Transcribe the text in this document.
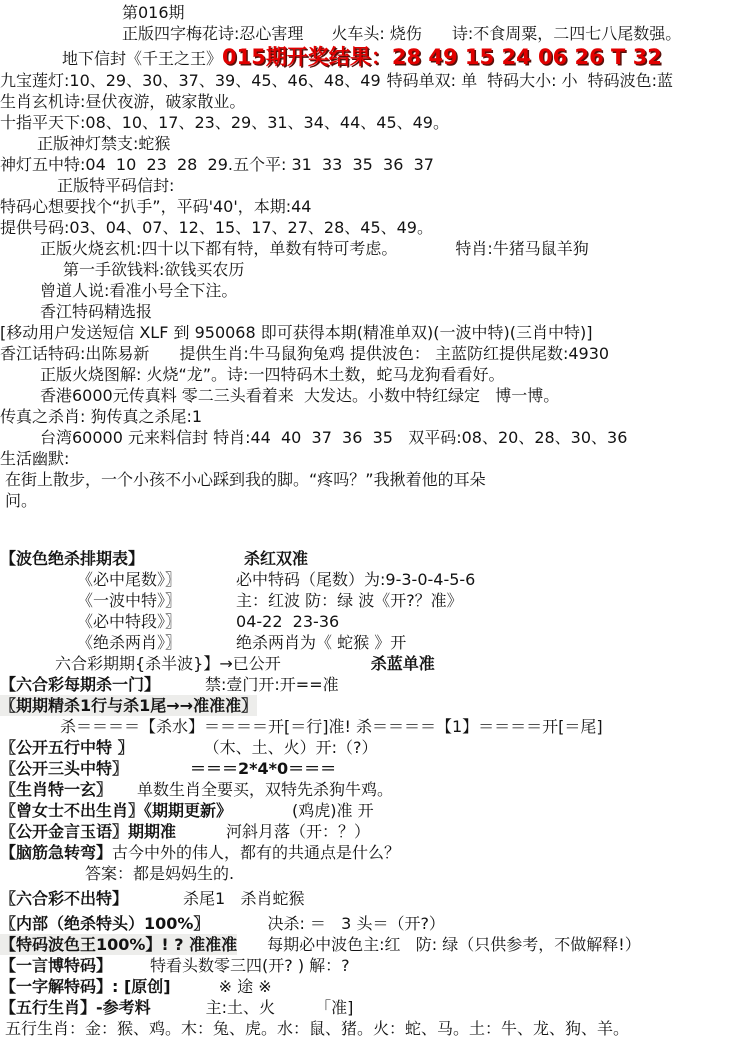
第016期
正版四字梅花诗:忍心害理 火车头: 烧伤 诗:不食周粟，二四七八尾数强。
地下信封《千王之王》015期开奖结果：28 49 15 24 06 26 T 32
九宝莲灯:10、29、30、37、39、45、46、48、49 特码单双: 单 特码大小: 小 特码波色:蓝
生肖玄机诗:昼伏夜游，破家散业。
十指平天下:08、10、17、23、29、31、34、44、45、49。
正版神灯禁支:蛇猴
神灯五中特:04  10  23  28  29.五个平: 31  33  35  36  37
正版特平码信封:
特码心想要找个“扒手”，平码'40'，本期:44
提供号码:03、04、07、12、15、17、27、28、45、49。
正版火烧玄机:四十以下都有特，单数有特可考虑。	特肖:牛猪马鼠羊狗
第一手欲钱料:欲钱买农历
曾道人说:看准小号全下注。
香江特码精选报
[移动用户发送短信 XLF 到 950068 即可获得本期(精准单双)(一波中特)(三肖中特)]
香江话特码:出陈易新 提供生肖:牛马鼠狗兔鸡 提供波色： 主蓝防红提供尾数:4930
正版火烧图解: 火烧“龙”。诗:一四特码木土数，蛇马龙狗看看好。
香港6000元传真料 零二三头看着来  大发达。小数中特红绿定   博一博。
传真之杀肖: 狗传真之杀尾:1
台湾60000 元来料信封 特肖:44  40  37  36  35   双平码:08、20、28、30、36
生活幽默:
在街上散步，一个小孩不小心踩到我的脚。“疼吗？”我揪着他的耳朵
问。
【波色绝杀排期表】	杀红双准
《必中尾数》〗	必中特码（尾数）为:9-3-0-4-5-6
《一波中特》〗	主：红波 防：绿 波《开?？准》
《必中特段》〗	04-22  23-36
《绝杀两肖》〗	绝杀两肖为《 蛇猴 》开
六合彩期期{杀半波}】→已公开	杀蓝单准
【六合彩每期杀一门】	禁:壹门开:开==准
〖期期精杀1行与杀1尾→→准准准〗
杀＝＝＝＝【杀水】＝＝＝＝开[＝行]准! 杀＝＝＝＝【1】＝＝＝＝开[＝尾]
〖公开五行中特 〗	（木、土、火）开:（?）
〖公开三头中特〗	＝＝＝2*4*0＝＝＝
〖生肖特一玄〗 单数生肖全要买，双特先杀狗牛鸡。
〖曾女士不出生肖〗《期期更新》	(鸡虎)准 开
〖公开金言玉语〗期期准	河斜月落（开：？）
【脑筋急转弯】古今中外的伟人，都有的共通点是什么？
答案：都是妈妈生的.
〖六合彩不出特】	杀尾1   杀肖蛇猴
〖内部（绝杀特头）100%〗	决杀: ＝   3 头＝（开?）
【特码波色王100%】! ? 准准准 每期必中波色主:红   防: 绿（只供参考，不做解释!）
【一言博特码】 特看头数零三四(开? ) 解：?
【一字解特码】: [原创]	※ 途 ※
【五行生肖】-参考料	主:土、火	「准]
五行生肖：金：猴、鸡。木：兔、虎。水：鼠、猪。火：蛇、马。土：牛、龙、狗、羊。
